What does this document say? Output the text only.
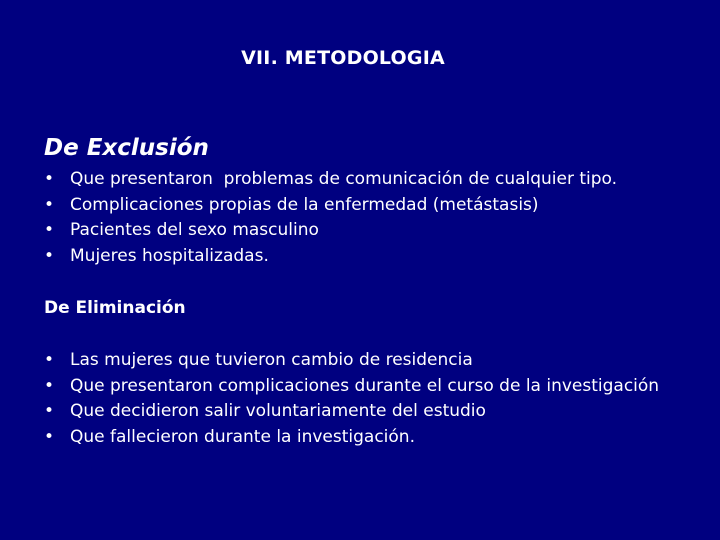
VII. METODOLOGIA
De Exclusión
• Que presentaron  problemas de comunicación de cualquier tipo.
• Complicaciones propias de la enfermedad (metástasis)
• Pacientes del sexo masculino
• Mujeres hospitalizadas.
De Eliminación
• Las mujeres que tuvieron cambio de residencia
• Que presentaron complicaciones durante el curso de la investigación
• Que decidieron salir voluntariamente del estudio
• Que fallecieron durante la investigación.
